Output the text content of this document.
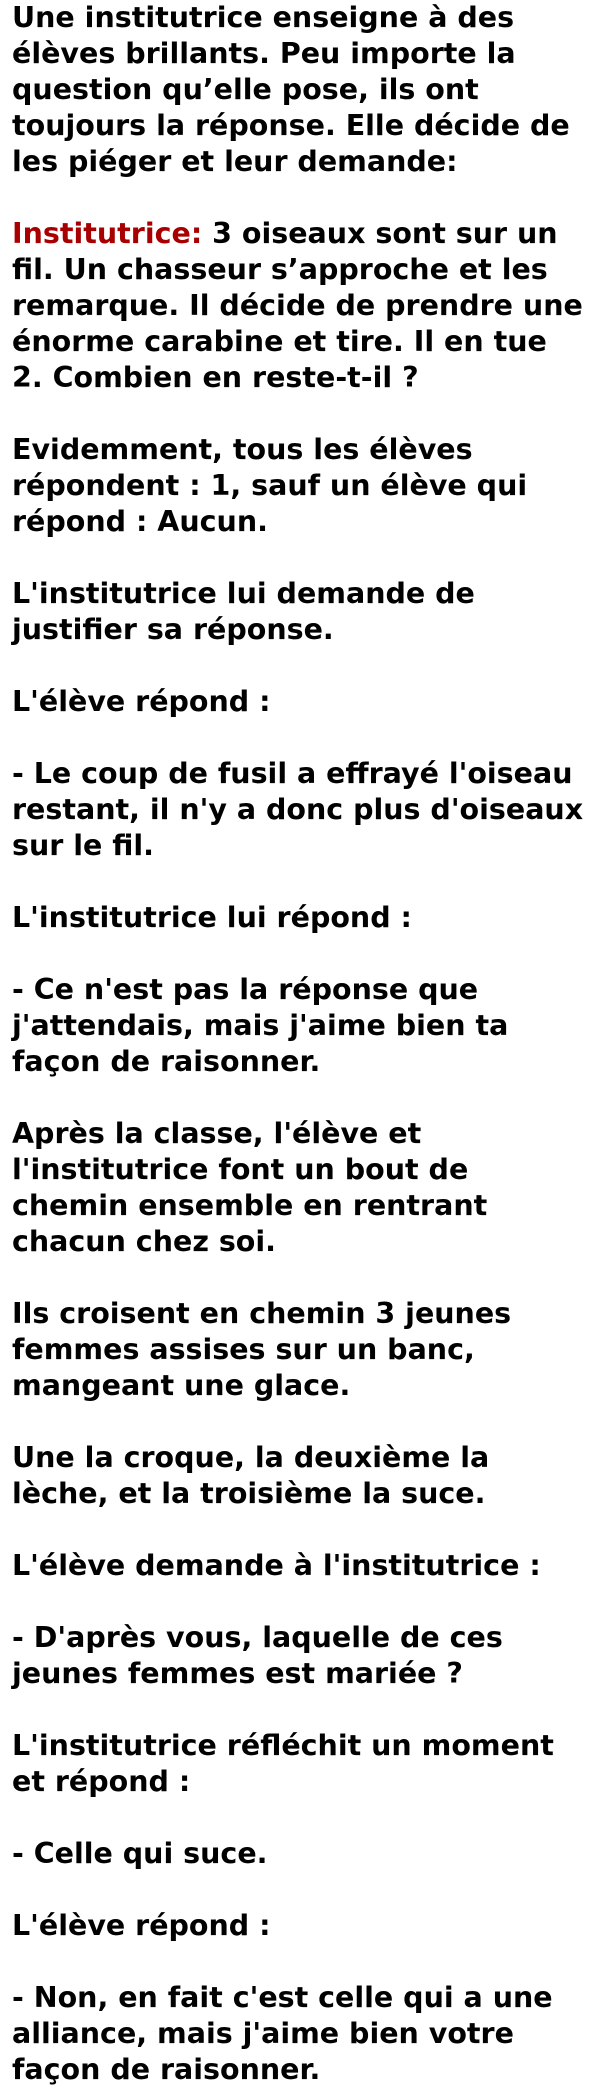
Une institutrice enseigne à des

élèves brillants. Peu importe la

question qu’elle pose, ils ont

toujours la réponse. Elle décide de

les piéger et leur demande:

Institutrice: 3 oiseaux sont sur un

fil. Un chasseur s’approche et les

remarque. Il décide de prendre une

énorme carabine et tire. Il en tue

2. Combien en reste-t-il ?

Evidemment, tous les élèves

répondent : 1, sauf un élève qui

répond : Aucun.

L'institutrice lui demande de

justifier sa réponse.

L'élève répond :

- Le coup de fusil a effrayé l'oiseau

restant, il n'y a donc plus d'oiseaux

sur le fil.

L'institutrice lui répond :

- Ce n'est pas la réponse que

j'attendais, mais j'aime bien ta

façon de raisonner.

Après la classe, l'élève et

l'institutrice font un bout de

chemin ensemble en rentrant

chacun chez soi.

Ils croisent en chemin 3 jeunes

femmes assises sur un banc,

mangeant une glace.

Une la croque, la deuxième la

lèche, et la troisième la suce.

L'élève demande à l'institutrice :

- D'après vous, laquelle de ces

jeunes femmes est mariée ?

L'institutrice réfléchit un moment

et répond :

- Celle qui suce.

L'élève répond :

- Non, en fait c'est celle qui a une

alliance, mais j'aime bien votre

façon de raisonner.
